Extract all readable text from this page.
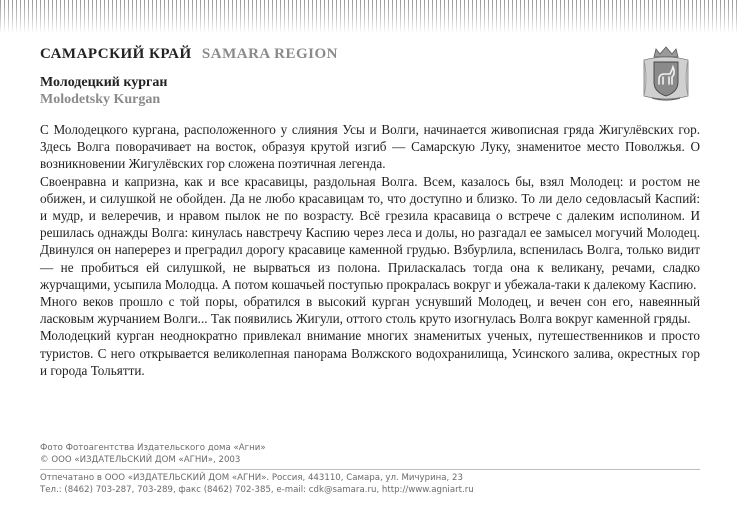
САМАРСКИЙ КРАЙ SAMARA REGION
Молодецкий курган
Molodetsky Kurgan

С Молодецкого кургана, расположенного у слияния Усы и Волги, начинается живописная гряда Жигулёвских гор. Здесь Волга поворачивает на восток, образуя крутой изгиб — Самарскую Луку, знаменитое место Поволжья. О возникновении Жигулёвских гор сложена поэтичная легенда.

Своенравна и капризна, как и все красавицы, раздольная Волга. Всем, казалось бы, взял Молодец: и ростом не обижен, и силушкой не обойден. Да не любо красавицам то, что доступно и близко. То ли дело седовласый Каспий: и мудр, и велеречив, и нравом пылок не по возрасту. Всё грезила красавица о встрече с далеким исполином. И решилась однажды Волга: кинулась навстречу Каспию через леса и долы, но разгадал ее замысел могучий Молодец. Двинулся он наперерез и преградил дорогу красавице каменной грудью. Взбурлила, вспенилась Волга, только видит — не пробиться ей силушкой, не вырваться из полона. Приласкалась тогда она к великану, речами, сладко журчащими, усыпила Молодца. А потом кошачьей поступью прокралась вокруг и убежала-таки к далекому Каспию.

Много веков прошло с той поры, обратился в высокий курган уснувший Молодец, и вечен сон его, навеянный ласковым журчанием Волги... Так появились Жигули, оттого столь круто изогнулась Волга вокруг каменной гряды.

Молодецкий курган неоднократно привлекал внимание многих знаменитых ученых, путешественников и просто туристов. С него открывается великолепная панорама Волжского водохранилища, Усинского залива, окрестных гор и города Тольятти.

Фото Фотоагентства Издательского дома «Агни»
© ООО «ИЗДАТЕЛЬСКИЙ ДОМ «АГНИ», 2003
Отпечатано в ООО «ИЗДАТЕЛЬСКИЙ ДОМ «АГНИ». Россия, 443110, Самара, ул. Мичурина, 23
Тел.: (8462) 703-287, 703-289, факс (8462) 702-385, e-mail: cdk@samara.ru, http://www.agniart.ru
